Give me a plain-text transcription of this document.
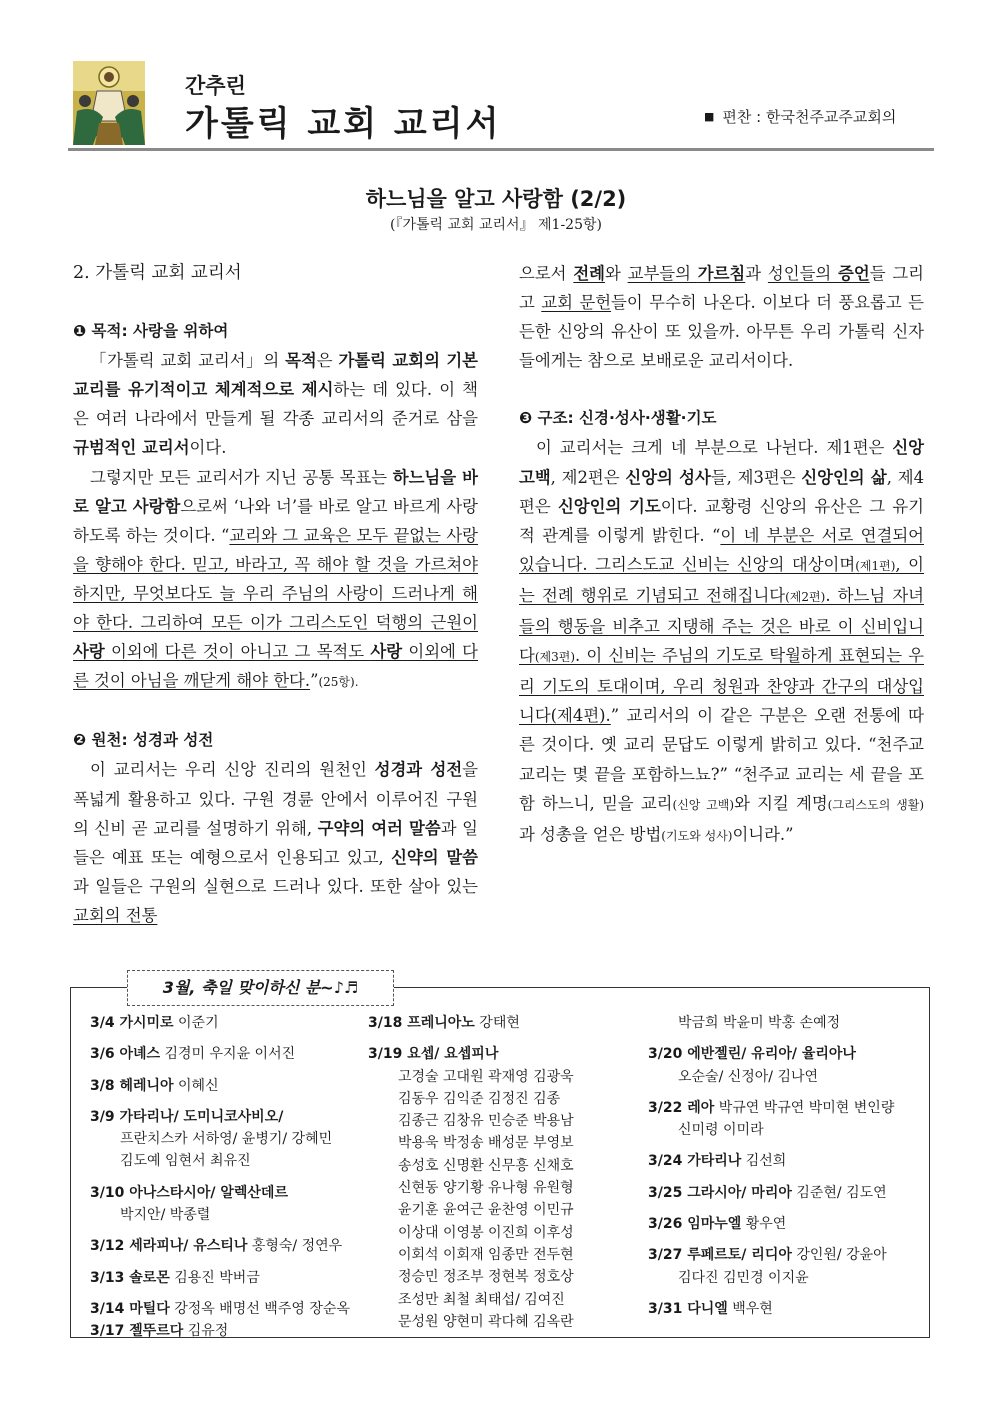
간추린
가톨릭 교회 교리서	■ 편찬 : 한국천주교주교회의
하느님을 알고 사랑함 (2/2)
(『가톨릭 교회 교리서』 제1-25항)

2. 가톨릭 교회 교리서

❶ 목적: 사랑을 위하여

「가톨릭 교회 교리서」의 목적은 가톨릭 교회의 기본 교리를 유기적이고 체계적으로 제시하는 데 있다. 이 책은 여러 나라에서 만들게 될 각종 교리서의 준거로 삼을 규범적인 교리서이다.

그렇지만 모든 교리서가 지닌 공통 목표는 하느님을 바로 알고 사랑함으로써 ‘나와 너’를 바로 알고 바르게 사랑하도록 하는 것이다. “교리와 그 교육은 모두 끝없는 사랑을 향해야 한다. 믿고, 바라고, 꼭 해야 할 것을 가르쳐야 하지만, 무엇보다도 늘 우리 주님의 사랑이 드러나게 해야 한다. 그리하여 모든 이가 그리스도인 덕행의 근원이 사랑 이외에 다른 것이 아니고 그 목적도 사랑 이외에 다른 것이 아님을 깨닫게 해야 한다.”(25항).

❷ 원천: 성경과 성전

이 교리서는 우리 신앙 진리의 원천인 성경과 성전을 폭넓게 활용하고 있다. 구원 경륜 안에서 이루어진 구원의 신비 곧 교리를 설명하기 위해, 구약의 여러 말씀과 일들은 예표 또는 예형으로서 인용되고 있고, 신약의 말씀과 일들은 구원의 실현으로 드러나 있다. 또한 살아 있는 교회의 전통

으로서 전례와 교부들의 가르침과 성인들의 증언들 그리고 교회 문헌들이 무수히 나온다. 이보다 더 풍요롭고 든든한 신앙의 유산이 또 있을까. 아무튼 우리 가톨릭 신자들에게는 참으로 보배로운 교리서이다.

❸ 구조: 신경·성사·생활·기도

이 교리서는 크게 네 부분으로 나뉜다. 제1편은 신앙 고백, 제2편은 신앙의 성사들, 제3편은 신앙인의 삶, 제4편은 신앙인의 기도이다. 교황령 신앙의 유산은 그 유기적 관계를 이렇게 밝힌다. “이 네 부분은 서로 연결되어 있습니다. 그리스도교 신비는 신앙의 대상이며(제1편), 이는 전례 행위로 기념되고 전해집니다(제2편). 하느님 자녀들의 행동을 비추고 지탱해 주는 것은 바로 이 신비입니다(제3편). 이 신비는 주님의 기도로 탁월하게 표현되는 우리 기도의 토대이며, 우리 청원과 찬양과 간구의 대상입니다(제4편).” 교리서의 이 같은 구분은 오랜 전통에 따른 것이다. 옛 교리 문답도 이렇게 밝히고 있다. “천주교 교리는 몇 끝을 포함하느뇨?” “천주교 교리는 세 끝을 포함 하느니, 믿을 교리(신앙 고백)와 지킬 계명(그리스도의 생활)과 성총을 얻은 방법(기도와 성사)이니라.”

3월, 축일 맞이하신 분~♪♬
3/4 가시미로 이준기
3/6 아녜스 김경미 우지윤 이서진
3/8 헤레니아 이혜신
3/9 가타리나/ 도미니코사비오/
프란치스카 서하영/ 윤병기/ 강혜민
김도예 임현서 최유진
3/10 아나스타시아/ 알렉산데르
박지안/ 박종렬
3/12 세라피나/ 유스티나 홍형숙/ 정연우
3/13 솔로몬 김용진 박버금
3/14 마틸다 강정옥 배명선 백주영 장순옥
3/17 젤뚜르다 김유정
3/18 프레니아노 강태현
3/19 요셉/ 요셉피나
고경술 고대원 곽재영 김광욱
김동우 김익준 김정진 김종
김종근 김창유 민승준 박용남
박용욱 박정송 배성문 부영보
송성호 신명환 신무흥 신채호
신현동 양기황 유나형 유원형
윤기훈 윤여근 윤찬영 이민규
이상대 이영봉 이진희 이후성
이회석 이회재 임종만 전두현
정승민 정조부 정현복 정호상
조성만 최철 최태섭/ 김여진
문성원 양현미 곽다혜 김옥란
박금희 박윤미 박홍 손예정
3/20 에반젤린/ 유리아/ 율리아나
오순술/ 신정아/ 김나연
3/22 레아 박규연 박규연 박미현 변인량
신미령 이미라
3/24 가타리나 김선희
3/25 그라시아/ 마리아 김준현/ 김도연
3/26 임마누엘 황우연
3/27 루페르토/ 리디아 강인원/ 강윤아
김다진 김민경 이지윤
3/31 다니엘 백우현
